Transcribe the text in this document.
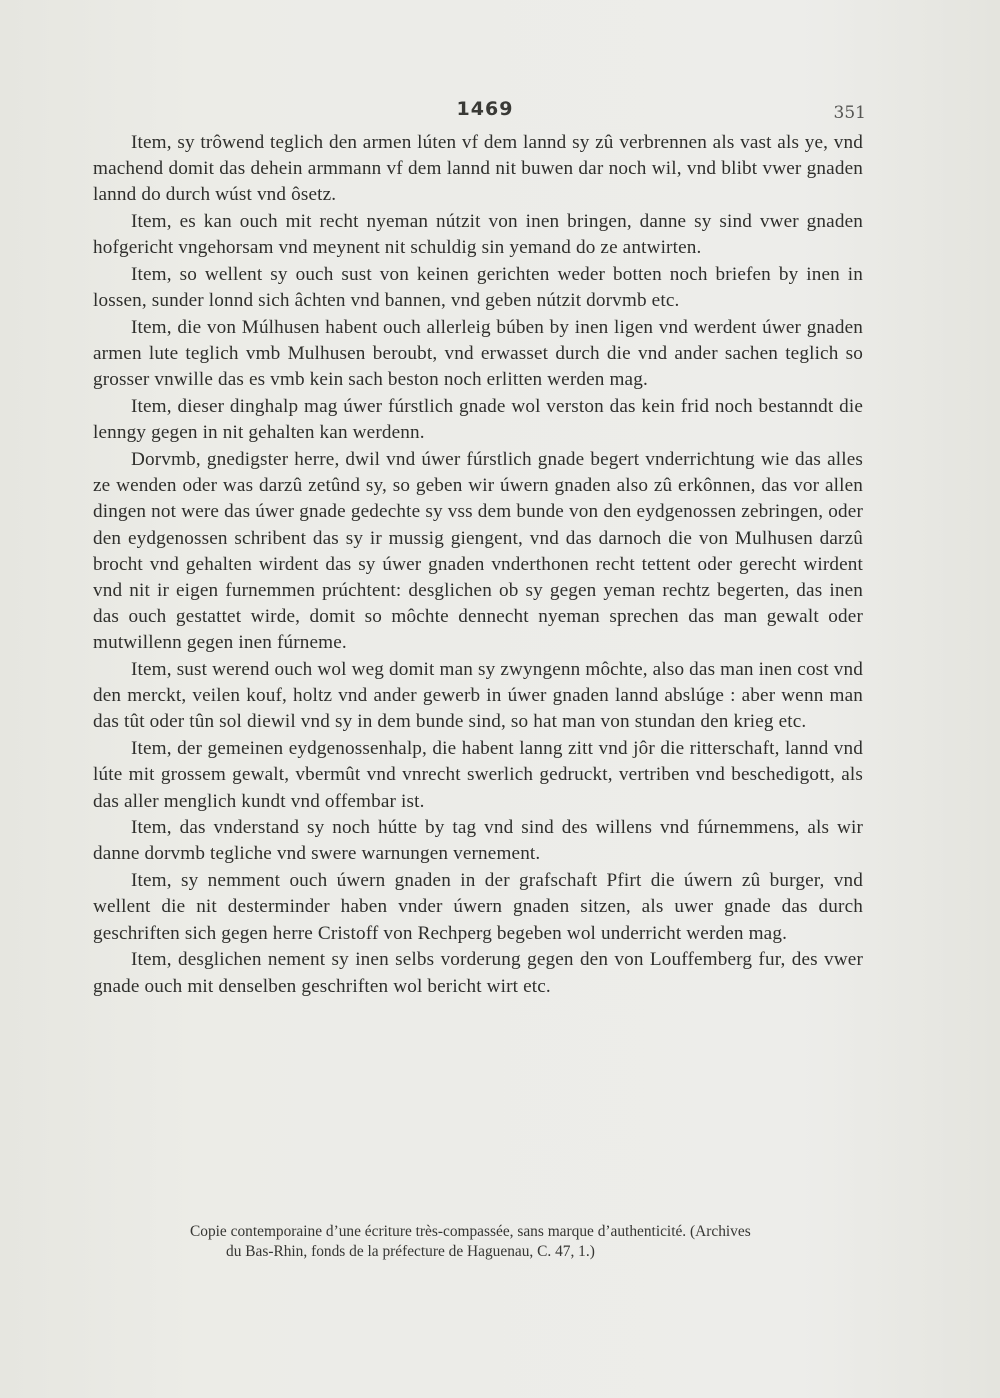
1469	351

Item, sy trôwend teglich den armen lúten vf dem lannd sy zû verbrennen als vast als ye, vnd machend domit das dehein armmann vf dem lannd nit buwen dar noch wil, vnd blibt vwer gnaden lannd do durch wúst vnd ôsetz.

Item, es kan ouch mit recht nyeman nútzit von inen bringen, danne sy sind vwer gnaden hofgericht vngehorsam vnd meynent nit schuldig sin yemand do ze antwirten.

Item, so wellent sy ouch sust von keinen gerichten weder botten noch briefen by inen in lossen, sunder lonnd sich âchten vnd bannen, vnd geben nútzit dorvmb etc.

Item, die von Múlhusen habent ouch allerleig búben by inen ligen vnd werdent úwer gnaden armen lute teglich vmb Mulhusen beroubt, vnd erwasset durch die vnd ander sachen teglich so grosser vnwille das es vmb kein sach beston noch erlitten werden mag.

Item, dieser dinghalp mag úwer fúrstlich gnade wol verston das kein frid noch bestanndt die lenngy gegen in nit gehalten kan werdenn.

Dorvmb, gnedigster herre, dwil vnd úwer fúrstlich gnade begert vnderrichtung wie das alles ze wenden oder was darzû zetûnd sy, so geben wir úwern gnaden also zû erkônnen, das vor allen dingen not were das úwer gnade gedechte sy vss dem bunde von den eydgenossen zebringen, oder den eydgenossen schribent das sy ir mussig giengent, vnd das darnoch die von Mulhusen darzû brocht vnd gehalten wirdent das sy úwer gnaden vnderthonen recht tettent oder gerecht wirdent vnd nit ir eigen furnemmen prúchtent: desglichen ob sy gegen yeman rechtz begerten, das inen das ouch gestattet wirde, domit so môchte dennecht nyeman sprechen das man gewalt oder mutwillenn gegen inen fúrneme.

Item, sust werend ouch wol weg domit man sy zwyngenn môchte, also das man inen cost vnd den merckt, veilen kouf, holtz vnd ander gewerb in úwer gnaden lannd abslúge : aber wenn man das tût oder tûn sol diewil vnd sy in dem bunde sind, so hat man von stundan den krieg etc.

Item, der gemeinen eydgenossenhalp, die habent lanng zitt vnd jôr die ritterschaft, lannd vnd lúte mit grossem gewalt, vbermût vnd vnrecht swerlich gedruckt, vertriben vnd beschedigott, als das aller menglich kundt vnd offembar ist.

Item, das vnderstand sy noch hútte by tag vnd sind des willens vnd fúrnemmens, als wir danne dorvmb tegliche vnd swere warnungen vernement.

Item, sy nemment ouch úwern gnaden in der grafschaft Pfirt die úwern zû burger, vnd wellent die nit desterminder haben vnder úwern gnaden sitzen, als uwer gnade das durch geschriften sich gegen herre Cristoff von Rechperg begeben wol underricht werden mag.

Item, desglichen nement sy inen selbs vorderung gegen den von Louffemberg fur, des vwer gnade ouch mit denselben geschriften wol bericht wirt etc.

Copie contemporaine d’une écriture très-compassée, sans marque d’authenticité. (Archives
du Bas-Rhin, fonds de la préfecture de Haguenau, C. 47, 1.)
